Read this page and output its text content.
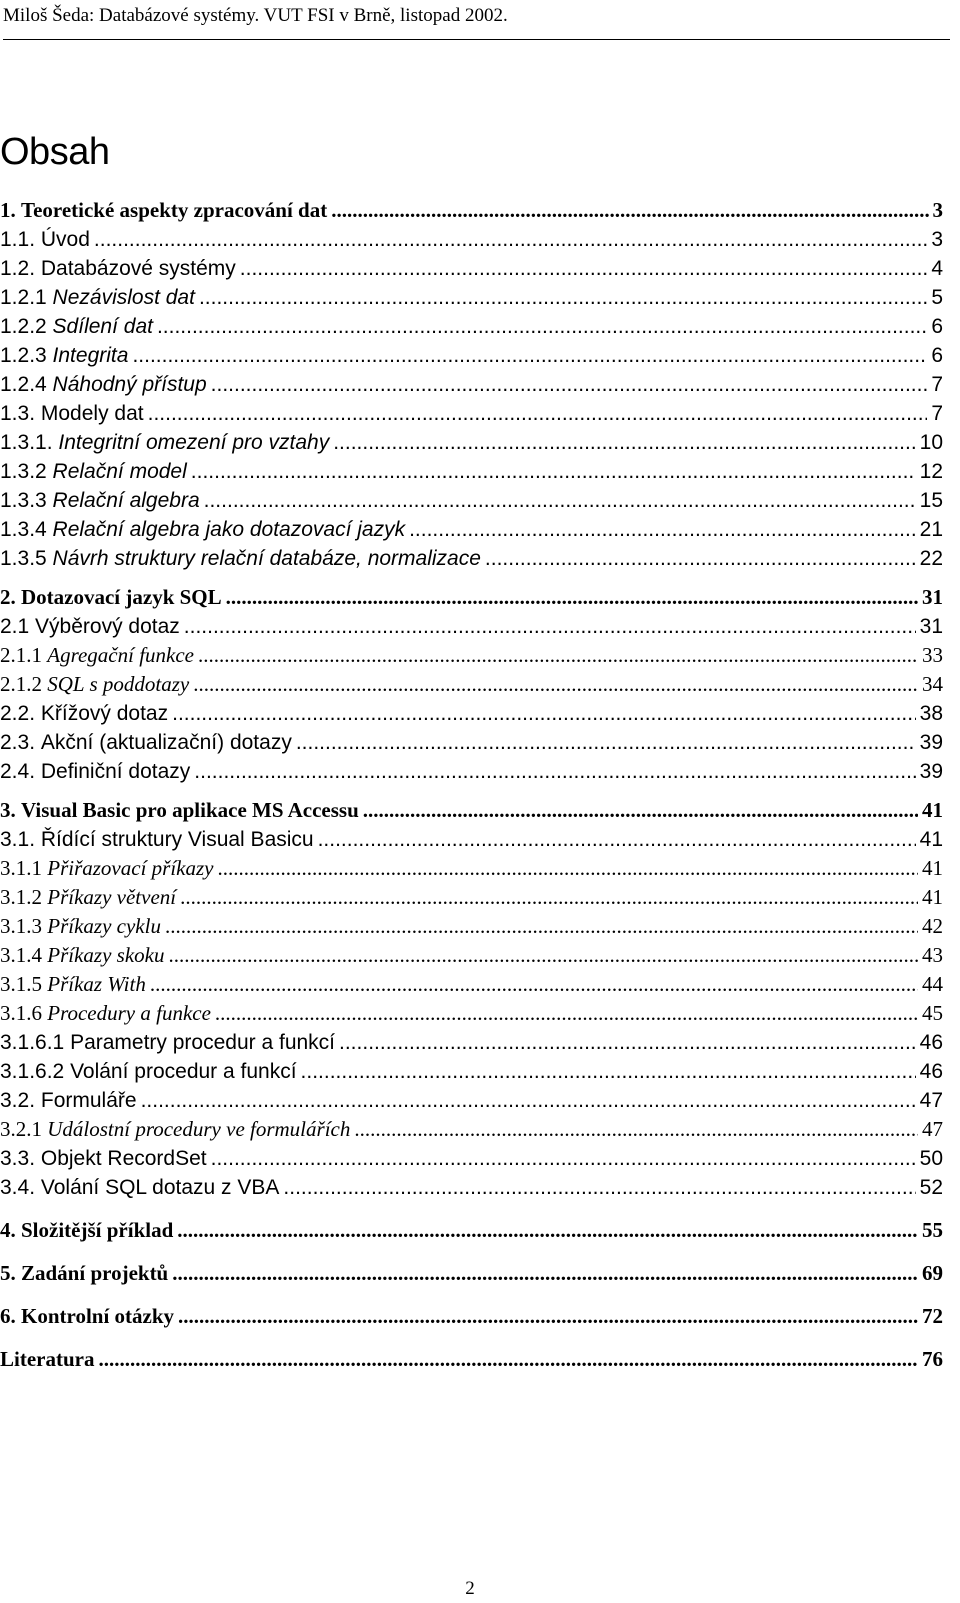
Miloš Šeda: Databázové systémy. VUT FSI v Brně, listopad 2002.
Obsah
1. Teoretické aspekty zpracování dat .....	3
1.1. Úvod .....	3
1.2. Databázové systémy .....	4
1.2.1 Nezávislost dat .....	5
1.2.2 Sdílení dat .....	6
1.2.3 Integrita .....	6
1.2.4 Náhodný přístup .....	7
1.3. Modely dat .....	7
1.3.1. Integritní omezení pro vztahy .....	10
1.3.2 Relační model .....	12
1.3.3 Relační algebra .....	15
1.3.4 Relační algebra jako dotazovací jazyk .....	21
1.3.5 Návrh struktury relační databáze, normalizace .....	22
2. Dotazovací jazyk SQL .....	31
2.1 Výběrový dotaz .....	31
2.1.1 Agregační funkce .....	33
2.1.2 SQL s poddotazy .....	34
2.2. Křížový dotaz .....	38
2.3. Akční (aktualizační) dotazy .....	39
2.4. Definiční dotazy .....	39
3. Visual Basic pro aplikace MS Accessu .....	41
3.1. Řídící struktury Visual Basicu .....	41
3.1.1 Přiřazovací příkazy .....	41
3.1.2 Příkazy větvení .....	41
3.1.3 Příkazy cyklu .....	42
3.1.4 Příkazy skoku .....	43
3.1.5 Příkaz With .....	44
3.1.6 Procedury a funkce .....	45
3.1.6.1 Parametry procedur a funkcí .....	46
3.1.6.2 Volání procedur a funkcí .....	46
3.2. Formuláře .....	47
3.2.1 Událostní procedury ve formulářích .....	47
3.3. Objekt RecordSet .....	50
3.4. Volání SQL dotazu z VBA .....	52
4. Složitější příklad .....	55
5. Zadání projektů .....	69
6. Kontrolní otázky .....	72
Literatura .....	76
2
